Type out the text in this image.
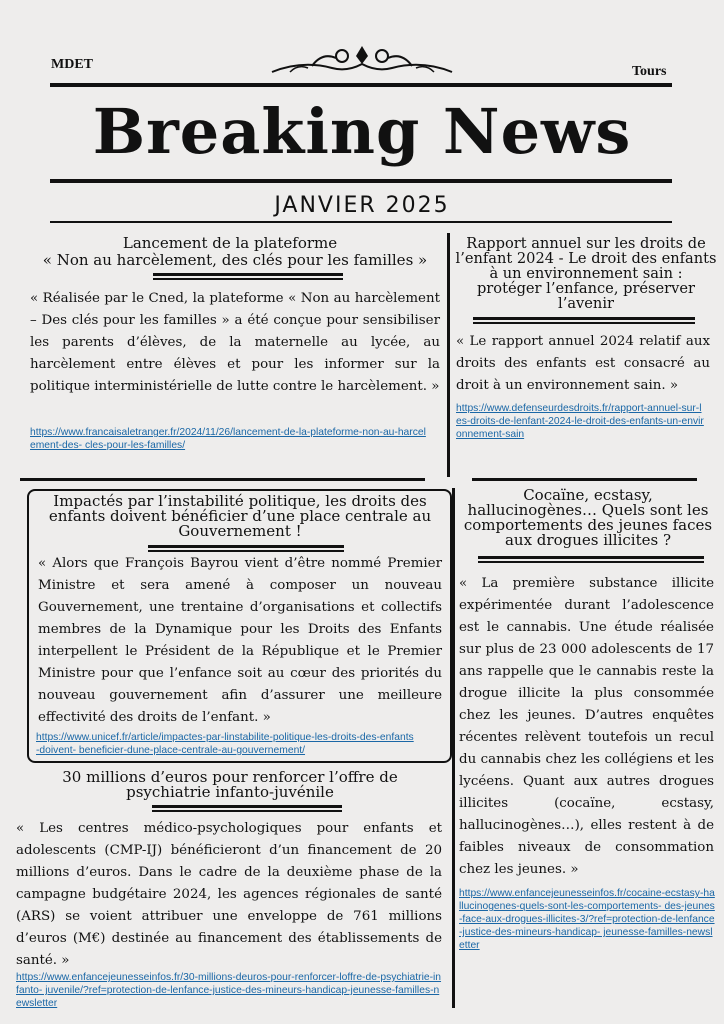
MDET	Tours
Breaking News
JANVIER 2025
Lancement de la plateforme
« Non au harcèlement, des clés pour les familles »

« Réalisée par le Cned, la plateforme « Non au harcèlement – Des clés pour les familles » a été conçue pour sensibiliser les parents d’élèves, de la maternelle au lycée, au harcèlement entre élèves et pour les informer sur la politique interministérielle de lutte contre le harcèlement. »

https://www.francaisaletranger.fr/2024/11/26/lancement-de-la-plateforme-non-au-harcelement-des- cles-pour-les-familles/
Rapport annuel sur les droits de l’enfant 2024 - Le droit des enfants à un environnement sain : protéger l’enfance, préserver l’avenir

« Le rapport annuel 2024 relatif aux droits des enfants est consacré au droit à un environnement sain. »

https://www.defenseurdesdroits.fr/rapport-annuel-sur-les-droits-de-lenfant-2024-le-droit-des-enfants-un-environnement-sain
Impactés par l’instabilité politique, les droits des enfants doivent bénéficier d’une place centrale au Gouvernement !

« Alors que François Bayrou vient d’être nommé Premier Ministre et sera amené à composer un nouveau Gouvernement, une trentaine d’organisations et collectifs membres de la Dynamique pour les Droits des Enfants interpellent le Président de la République et le Premier Ministre pour que l’enfance soit au cœur des priorités du nouveau gouvernement afin d’assurer une meilleure effectivité des droits de l’enfant. »

https://www.unicef.fr/article/impactes-par-linstabilite-politique-les-droits-des-enfants-doivent- beneficier-dune-place-centrale-au-gouvernement/
Cocaïne, ecstasy, hallucinogènes… Quels sont les comportements des jeunes faces aux drogues illicites ?

« La première substance illicite expérimentée durant l’adolescence est le cannabis. Une étude réalisée sur plus de 23 000 adolescents de 17 ans rappelle que le cannabis reste la drogue illicite la plus consommée chez les jeunes. D’autres enquêtes récentes relèvent toutefois un recul du cannabis chez les collégiens et les lycéens. Quant aux autres drogues illicites (cocaïne, ecstasy, hallucinogènes…), elles restent à de faibles niveaux de consommation chez les jeunes. »

https://www.enfancejeunesseinfos.fr/cocaine-ecstasy-hallucinogenes-quels-sont-les-comportements- des-jeunes-face-aux-drogues-illicites-3/?ref=protection-de-lenfance-justice-des-mineurs-handicap- jeunesse-familles-newsletter
30 millions d’euros pour renforcer l’offre de psychiatrie infanto-juvénile

« Les centres médico-psychologiques pour enfants et adolescents (CMP-IJ) bénéficieront d’un financement de 20 millions d’euros. Dans le cadre de la deuxième phase de la campagne budgétaire 2024, les agences régionales de santé (ARS) se voient attribuer une enveloppe de 761 millions d’euros (M€) destinée au financement des établissements de santé. »

https://www.enfancejeunesseinfos.fr/30-millions-deuros-pour-renforcer-loffre-de-psychiatrie-infanto- juvenile/?ref=protection-de-lenfance-justice-des-mineurs-handicap-jeunesse-familles-newsletter
